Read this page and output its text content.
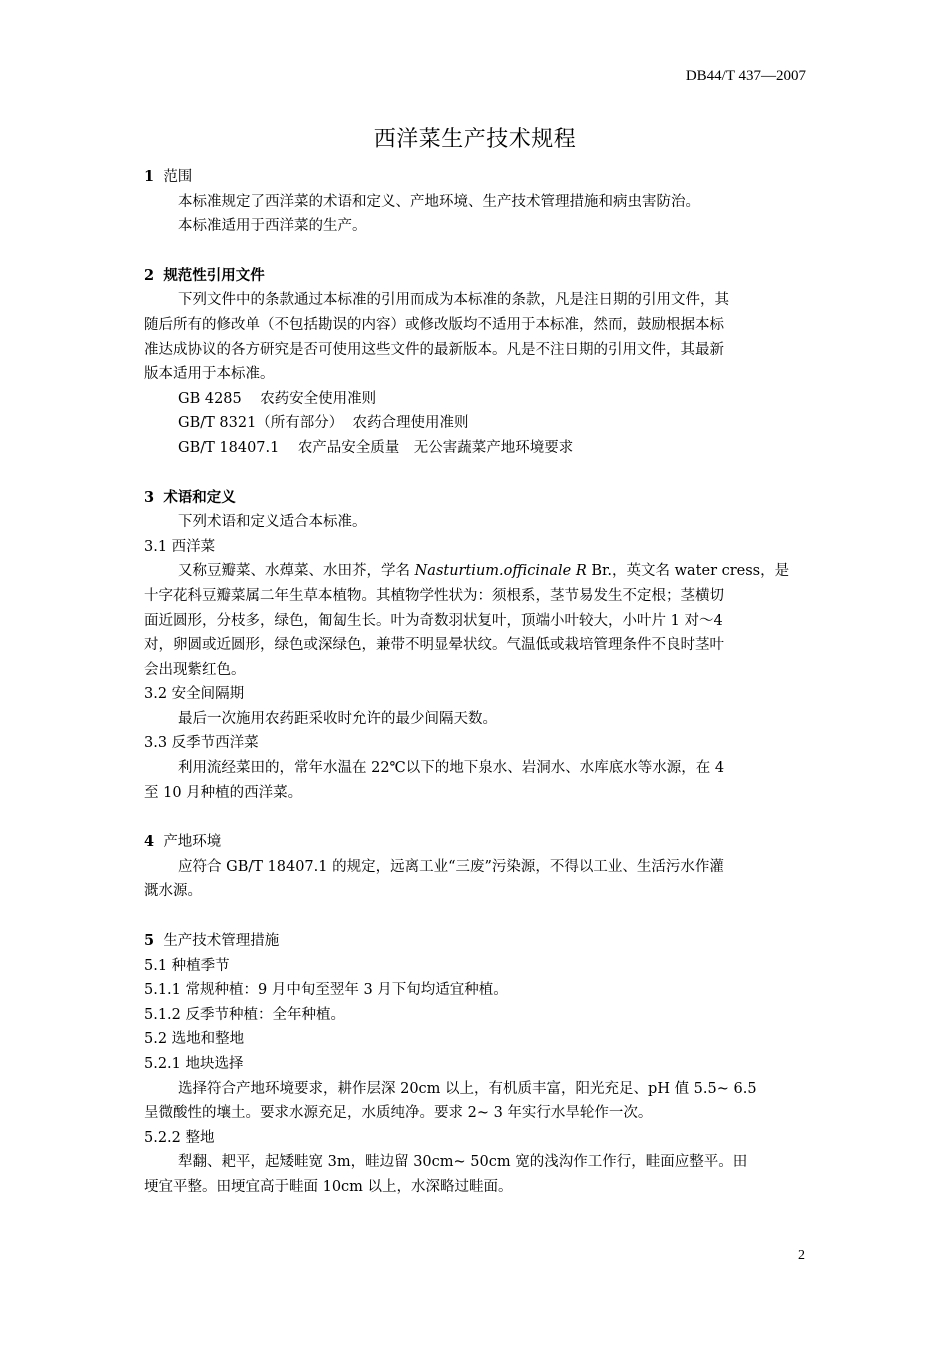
DB44/T 437—2007
西洋菜生产技术规程

1 范围

本标准规定了西洋菜的术语和定义、产地环境、生产技术管理措施和病虫害防治。

本标准适用于西洋菜的生产。

2 规范性引用文件

下列文件中的条款通过本标准的引用而成为本标准的条款，凡是注日期的引用文件，其

随后所有的修改单（不包括勘误的内容）或修改版均不适用于本标准，然而，鼓励根据本标

准达成协议的各方研究是否可使用这些文件的最新版本。凡是不注日期的引用文件，其最新

版本适用于本标准。

GB 4285 农药安全使用准则

GB/T 8321（所有部分） 农药合理使用准则

GB/T 18407.1 农产品安全质量　无公害蔬菜产地环境要求

3 术语和定义

下列术语和定义适合本标准。

3.1 西洋菜

又称豆瓣菜、水蔊菜、水田芥，学名 Nasturtium.officinale R Br.，英文名 water cress，是

十字花科豆瓣菜属二年生草本植物。其植物学性状为：须根系，茎节易发生不定根；茎横切

面近圆形，分枝多，绿色，匍匐生长。叶为奇数羽状复叶，顶端小叶较大，小叶片 1 对～4

对，卵圆或近圆形，绿色或深绿色，兼带不明显晕状纹。气温低或栽培管理条件不良时茎叶

会出现紫红色。

3.2 安全间隔期

最后一次施用农药距采收时允许的最少间隔天数。

3.3 反季节西洋菜

利用流经菜田的，常年水温在 22℃以下的地下泉水、岩洞水、水库底水等水源，在 4

至 10 月种植的西洋菜。

4 产地环境

应符合 GB/T 18407.1 的规定，远离工业“三废”污染源，不得以工业、生活污水作灌

溉水源。

5 生产技术管理措施

5.1 种植季节

5.1.1 常规种植：9 月中旬至翌年 3 月下旬均适宜种植。

5.1.2 反季节种植：全年种植。

5.2 选地和整地

5.2.1 地块选择

选择符合产地环境要求，耕作层深 20cm 以上，有机质丰富，阳光充足、pH 值 5.5~ 6.5

呈微酸性的壤土。要求水源充足，水质纯净。要求 2~ 3 年实行水旱轮作一次。

5.2.2 整地

犁翻、耙平，起矮畦宽 3m，畦边留 30cm~ 50cm 宽的浅沟作工作行，畦面应整平。田

埂宜平整。田埂宜高于畦面 10cm 以上，水深略过畦面。

2
